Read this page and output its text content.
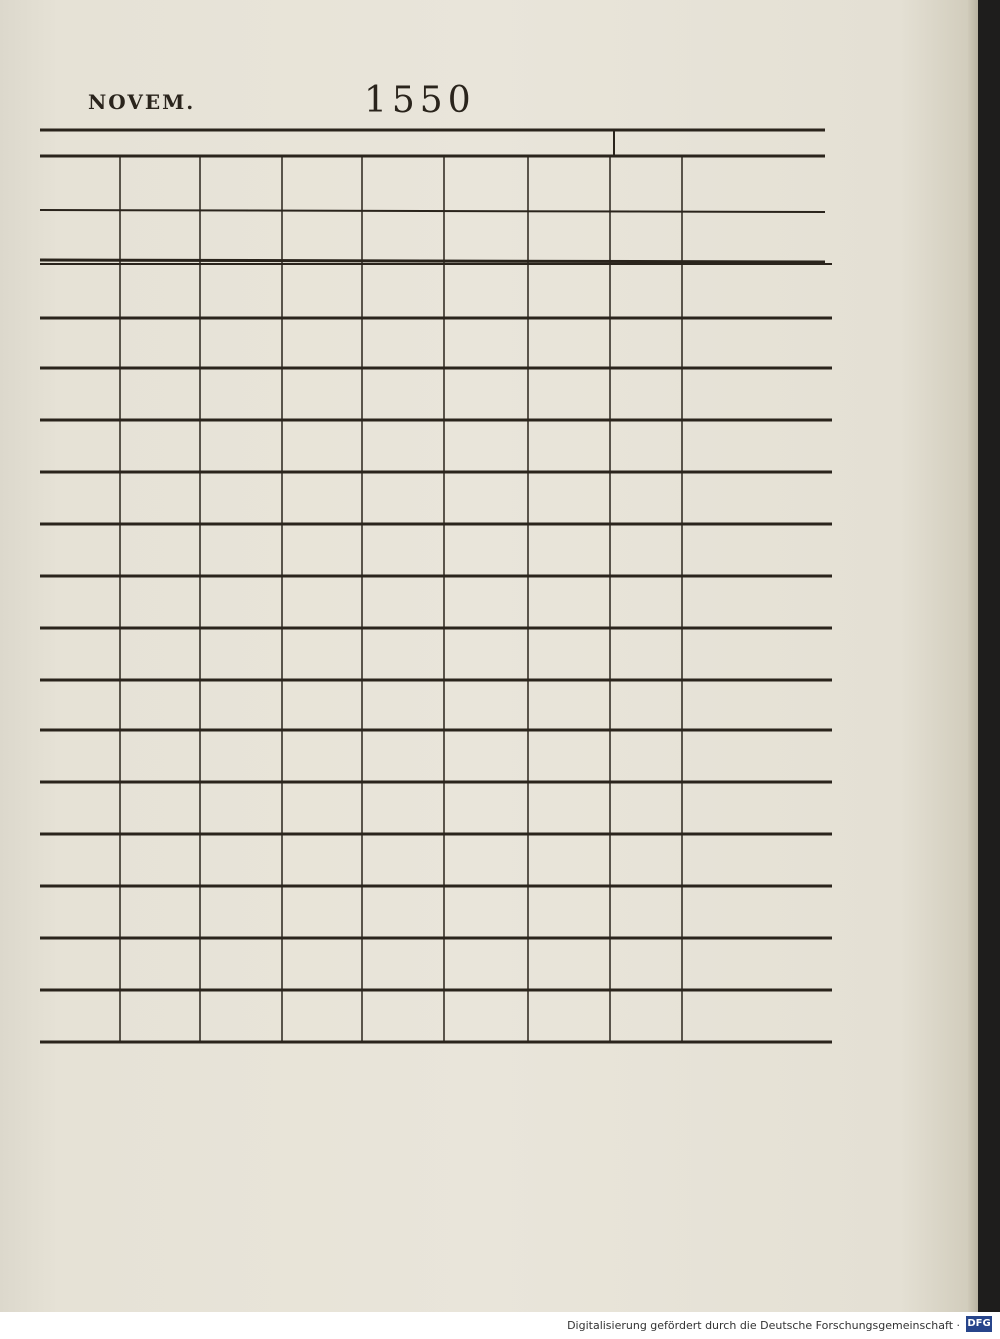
NOVEM.	1550
Digitalisierung gefördert durch die Deutsche Forschungsgemeinschaft · DFG
